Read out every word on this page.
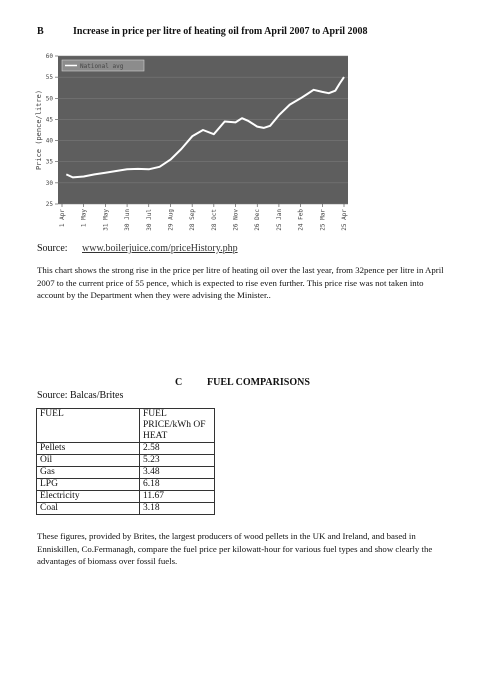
B	Increase in price per litre of heating oil from April 2007 to April 2008
25
30
35
40
45
50
55
60
1 Apr 1 May 31 May 30 Jun 30 Jul 29 Aug 28 Sep 28 Oct 26 Nov 26 Dec 25 Jan 24 Feb 25 Mar 25 Apr
Price (pence/litre)
National avg
Source: www.boilerjuice.com/priceHistory.php
This chart shows the strong rise in the price per litre of heating oil over the last year, from 32pence per litre in April 2007 to the current price of 55 pence, which is expected to rise even further. This price rise was not taken into account by the Department when they were advising the Minister..
C FUEL COMPARISONS
Source: Balcas/Brites
FUEL	FUEL PRICE/kWh OF HEAT
Pellets	2.58
Oil	5.23
Gas	3.48
LPG	6.18
Electricity	11.67
Coal	3.18
These figures, provided by Brites, the largest producers of wood pellets in the UK and Ireland, and based in Enniskillen, Co.Fermanagh, compare the fuel price per kilowatt-hour for various fuel types and show clearly the advantages of biomass over fossil fuels.
